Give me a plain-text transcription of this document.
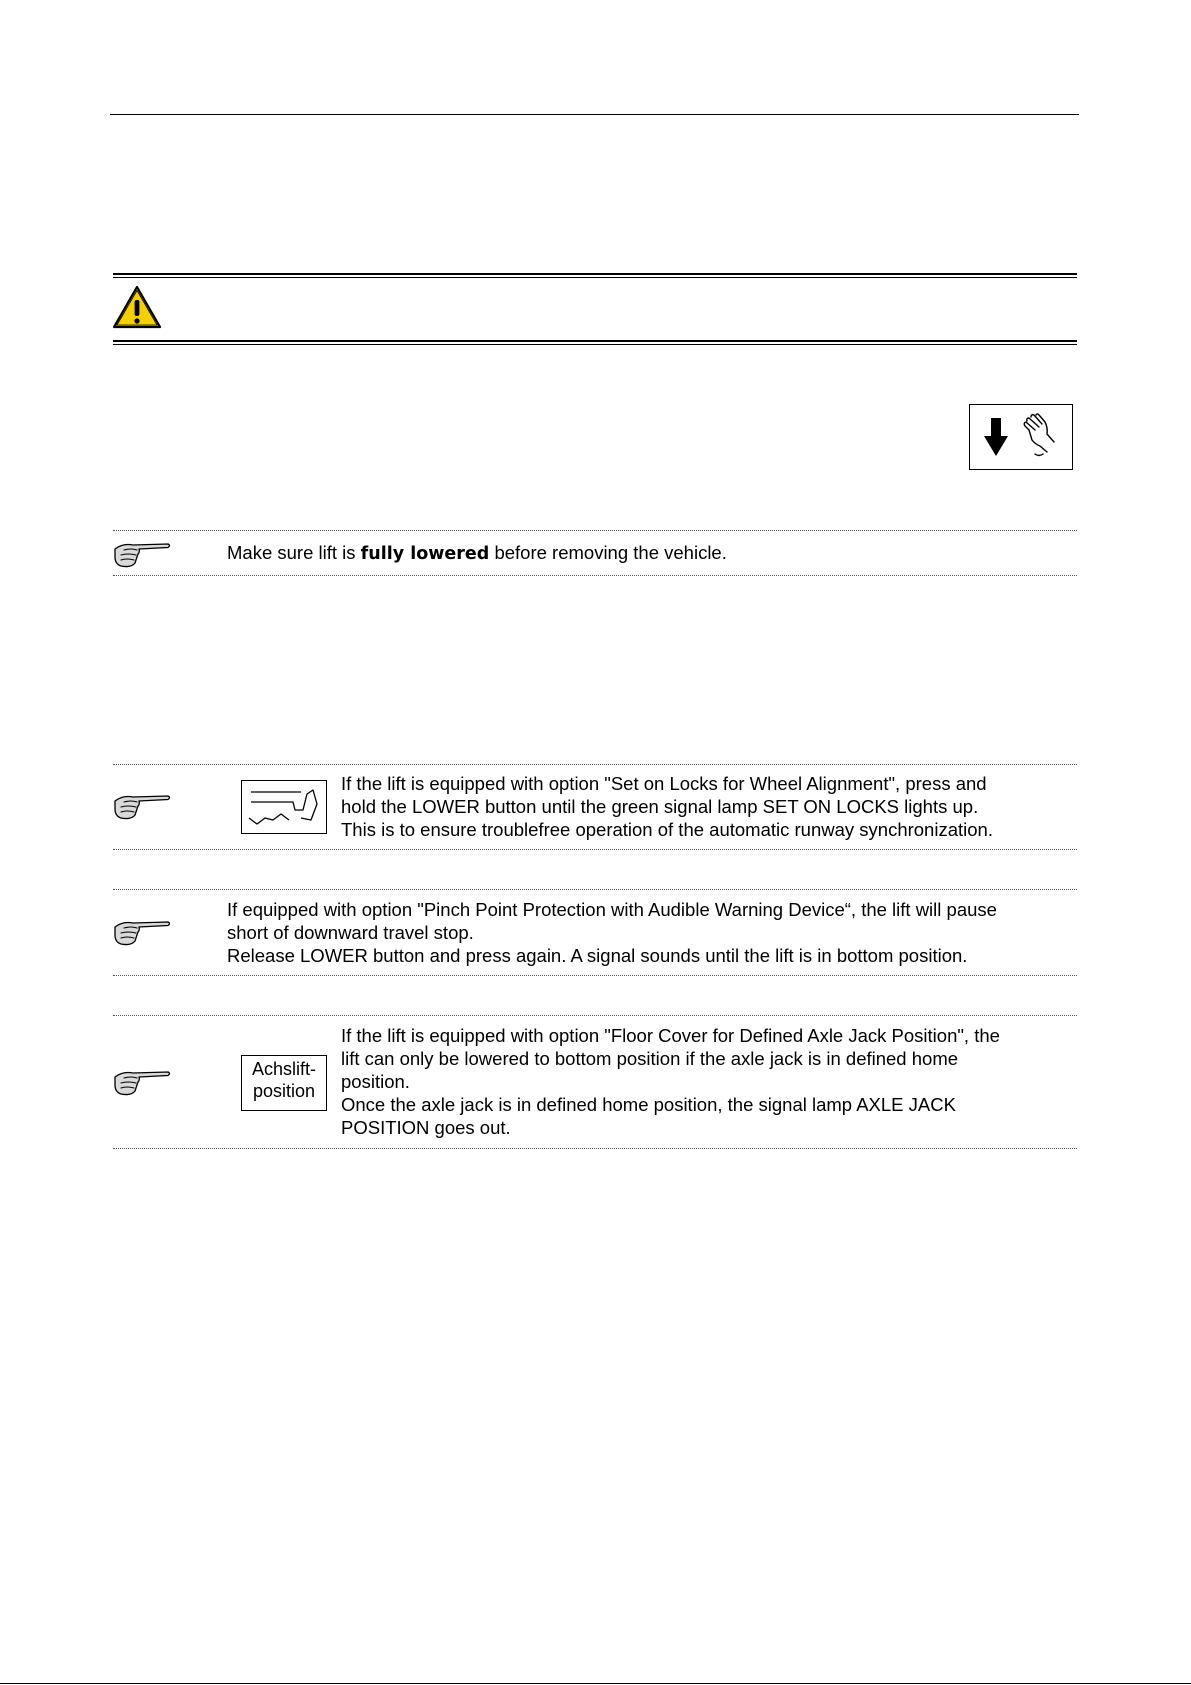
Make sure lift is fully lowered before removing the vehicle.
If the lift is equipped with option "Set on Locks for Wheel Alignment", press and
hold the LOWER button until the green signal lamp SET ON LOCKS lights up.
This is to ensure troublefree operation of the automatic runway synchronization.
If equipped with option "Pinch Point Protection with Audible Warning Device“, the lift will pause
short of downward travel stop.
Release LOWER button and press again. A signal sounds until the lift is in bottom position.
Achslift-
position
If the lift is equipped with option "Floor Cover for Defined Axle Jack Position", the
lift can only be lowered to bottom position if the axle jack is in defined home
position.
Once the axle jack is in defined home position, the signal lamp AXLE JACK
POSITION goes out.
